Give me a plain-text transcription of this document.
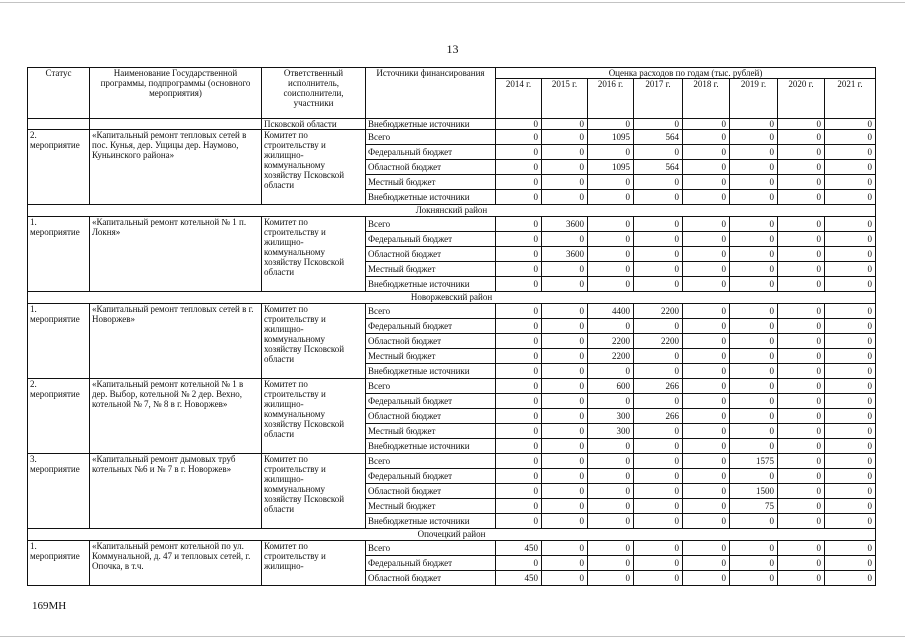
13
Статус	Наименование Государственной программы, подпрограммы (основного мероприятия)	Ответственный исполнитель, соисполнители, участники	Источники финансирования	Оценка расходов по годам (тыс. рублей)							
				2014 г.	2015 г.	2016 г.	2017 г.	2018 г.	2019 г.	2020 г.	2021 г.
		Псковской области	Внебюджетные источники	0	0	0	0	0	0	0	0
2. мероприятие	«Капитальный ремонт тепловых сетей в пос. Кунья, дер. Ущицы дер. Наумово, Куньинского района»	Комитет по строительству и жилищно-коммунальному хозяйству Псковской области	Всего	0	0	1095	564	0	0	0	0
			Федеральный бюджет	0	0	0	0	0	0	0	0
			Областной бюджет	0	0	1095	564	0	0	0	0
			Местный бюджет	0	0	0	0	0	0	0	0
			Внебюджетные источники	0	0	0	0	0	0	0	0
Локнянский район											
1. мероприятие	«Капитальный ремонт котельной № 1 п. Локня»	Комитет по строительству и жилищно-коммунальному хозяйству Псковской области	Всего	0	3600	0	0	0	0	0	0
			Федеральный бюджет	0	0	0	0	0	0	0	0
			Областной бюджет	0	3600	0	0	0	0	0	0
			Местный бюджет	0	0	0	0	0	0	0	0
			Внебюджетные источники	0	0	0	0	0	0	0	0
Новоржевский район											
1. мероприятие	«Капитальный ремонт тепловых сетей в г. Новоржев»	Комитет по строительству и жилищно-коммунальному хозяйству Псковской области	Всего	0	0	4400	2200	0	0	0	0
			Федеральный бюджет	0	0	0	0	0	0	0	0
			Областной бюджет	0	0	2200	2200	0	0	0	0
			Местный бюджет	0	0	2200	0	0	0	0	0
			Внебюджетные источники	0	0	0	0	0	0	0	0
2. мероприятие	«Капитальный ремонт котельной № 1 в дер. Выбор, котельной № 2 дер. Вехно, котельной № 7, № 8 в г. Новоржев»	Комитет по строительству и жилищно-коммунальному хозяйству Псковской области	Всего	0	0	600	266	0	0	0	0
			Федеральный бюджет	0	0	0	0	0	0	0	0
			Областной бюджет	0	0	300	266	0	0	0	0
			Местный бюджет	0	0	300	0	0	0	0	0
			Внебюджетные источники	0	0	0	0	0	0	0	0
3. мероприятие	«Капитальный ремонт дымовых труб котельных №6 и № 7 в г. Новоржев»	Комитет по строительству и жилищно-коммунальному хозяйству Псковской области	Всего	0	0	0	0	0	1575	0	0
			Федеральный бюджет	0	0	0	0	0	0	0	0
			Областной бюджет	0	0	0	0	0	1500	0	0
			Местный бюджет	0	0	0	0	0	75	0	0
			Внебюджетные источники	0	0	0	0	0	0	0	0
Опочецкий район											
1. мероприятие	«Капитальный ремонт котельной по ул. Коммунальной, д. 47 и тепловых сетей, г. Опочка, в т.ч.	Комитет по строительству и жилищно-	Всего	450	0	0	0	0	0	0	0
			Федеральный бюджет	0	0	0	0	0	0	0	0
			Областной бюджет	450	0	0	0	0	0	0	0
169МН
